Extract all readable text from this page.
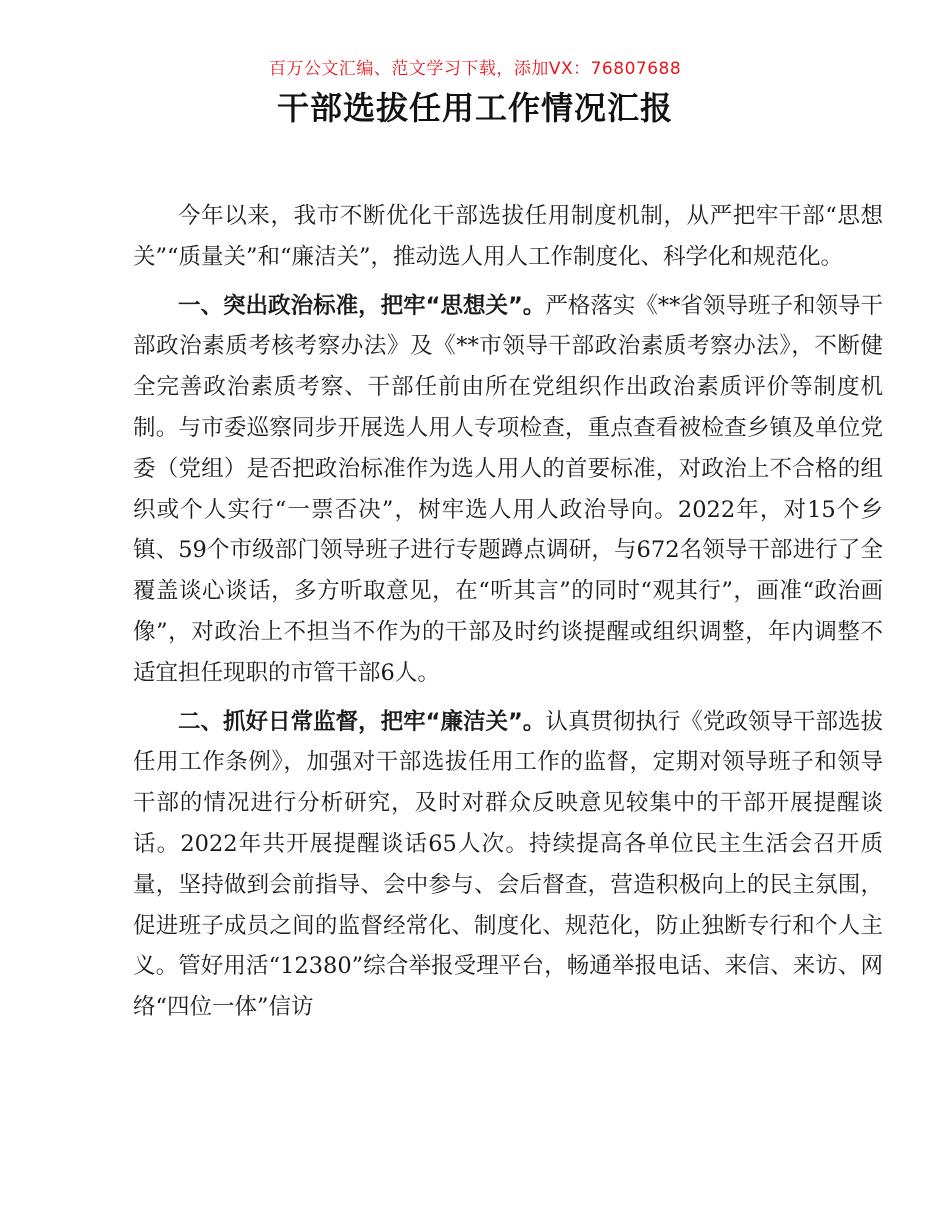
百万公文汇编、范文学习下载，添加VX：76807688
干部选拔任用工作情况汇报

今年以来，我市不断优化干部选拔任用制度机制，从严把牢干部“思想关”“质量关”和“廉洁关”，推动选人用人工作制度化、科学化和规范化。

一、突出政治标准，把牢“思想关”。严格落实《**省领导班子和领导干部政治素质考核考察办法》及《**市领导干部政治素质考察办法》，不断健全完善政治素质考察、干部任前由所在党组织作出政治素质评价等制度机制。与市委巡察同步开展选人用人专项检查，重点查看被检查乡镇及单位党委（党组）是否把政治标准作为选人用人的首要标准，对政治上不合格的组织或个人实行“一票否决”，树牢选人用人政治导向。2022年，对15个乡镇、59个市级部门领导班子进行专题蹲点调研，与672名领导干部进行了全覆盖谈心谈话，多方听取意见，在“听其言”的同时“观其行”，画准“政治画像”，对政治上不担当不作为的干部及时约谈提醒或组织调整，年内调整不适宜担任现职的市管干部6人。

二、抓好日常监督，把牢“廉洁关”。认真贯彻执行《党政领导干部选拔任用工作条例》，加强对干部选拔任用工作的监督，定期对领导班子和领导干部的情况进行分析研究，及时对群众反映意见较集中的干部开展提醒谈话。2022年共开展提醒谈话65人次。持续提高各单位民主生活会召开质量，坚持做到会前指导、会中参与、会后督查，营造积极向上的民主氛围，促进班子成员之间的监督经常化、制度化、规范化，防止独断专行和个人主义。管好用活“12380”综合举报受理平台，畅通举报电话、来信、来访、网络“四位一体”信访
